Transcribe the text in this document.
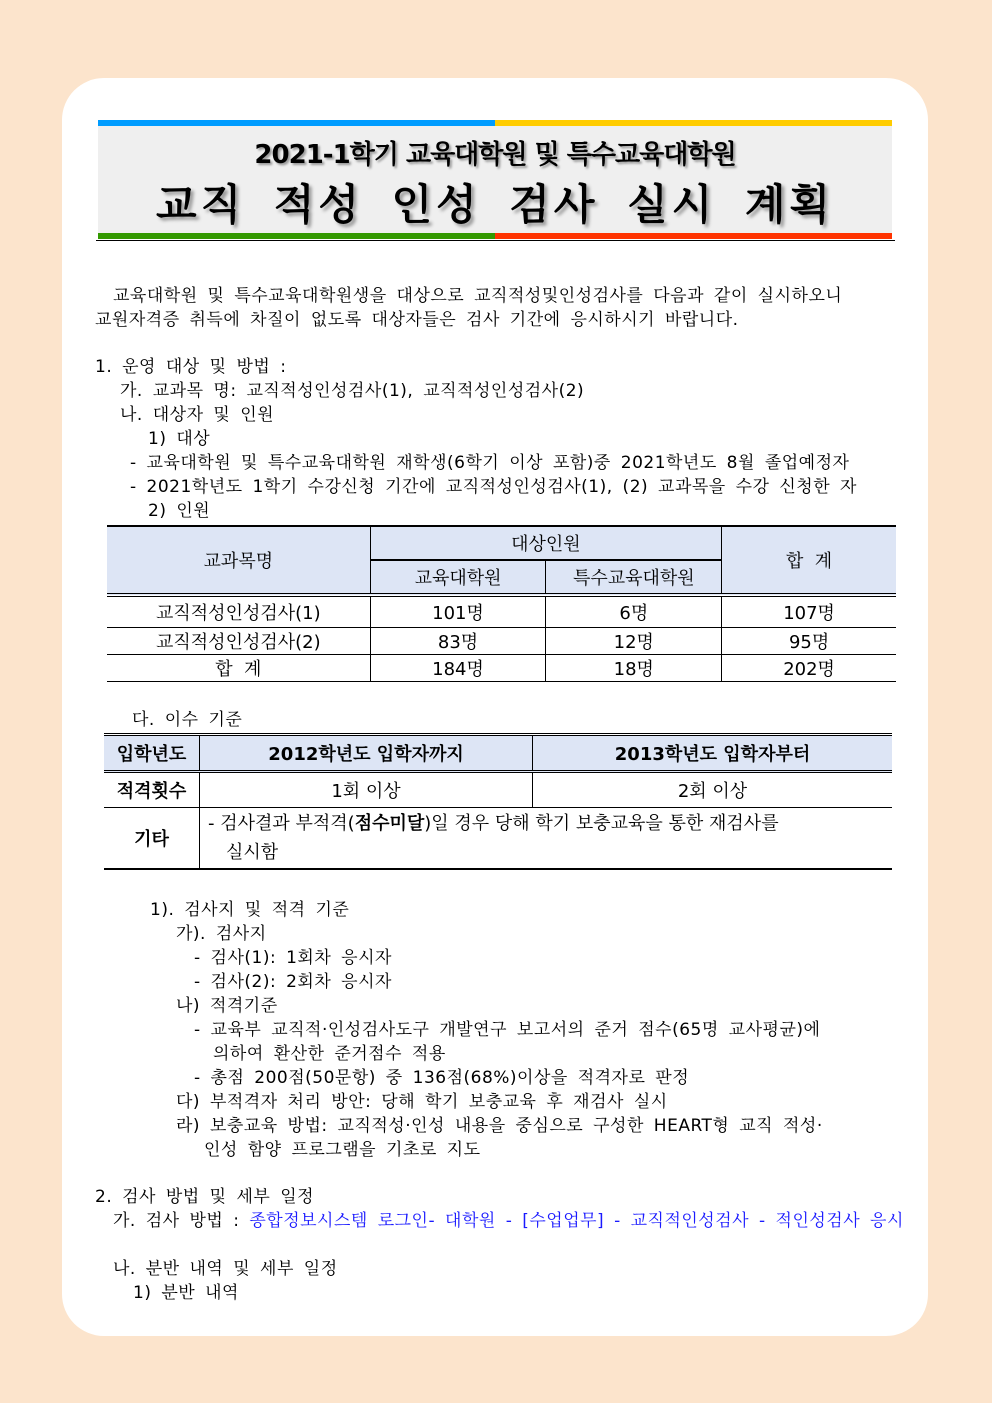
2021-1학기 교육대학원 및 특수교육대학원
교직 적성 인성 검사 실시 계획
교육대학원 및 특수교육대학원생을 대상으로 교직적성및인성검사를 다음과 같이 실시하오니
교원자격증 취득에 차질이 없도록 대상자들은 검사 기간에 응시하시기 바랍니다.
1. 운영 대상 및 방법 :
가. 교과목 명: 교직적성인성검사(1), 교직적성인성검사(2)
나. 대상자 및 인원
1) 대상
- 교육대학원 및 특수교육대학원 재학생(6학기 이상 포함)중 2021학년도 8월 졸업예정자
- 2021학년도 1학기 수강신청 기간에 교직적성인성검사(1), (2) 교과목을 수강 신청한 자
2) 인원
교과목명	대상인원		합  계
	교육대학원	특수교육대학원	
교직적성인성검사(1)	101명	6명	107명
교직적성인성검사(2)	83명	12명	95명
합  계	184명	18명	202명
다. 이수 기준
입학년도	2012학년도 입학자까지	2013학년도 입학자부터
적격횟수	1회 이상	2회 이상
기타	- 검사결과 부적격(점수미달)일 경우 당해 학기 보충교육을 통한 재검사를
실시함	
1). 검사지 및 적격 기준
가). 검사지
- 검사(1): 1회차 응시자
- 검사(2): 2회차 응시자
나) 적격기준
- 교육부 교직적·인성검사도구 개발연구 보고서의 준거 점수(65명 교사평균)에
의하여 환산한 준거점수 적용
- 총점 200점(50문항) 중 136점(68%)이상을 적격자로 판정
다) 부적격자 처리 방안: 당해 학기 보충교육 후 재검사 실시
라) 보충교육 방법: 교직적성·인성 내용을 중심으로 구성한 HEART형 교직 적성·
인성 함양 프로그램을 기초로 지도
2. 검사 방법 및 세부 일정
가. 검사 방법 : 종합정보시스템 로그인- 대학원 - [수업업무] - 교직적인성검사 - 적인성검사 응시
나. 분반 내역 및 세부 일정
1) 분반 내역
